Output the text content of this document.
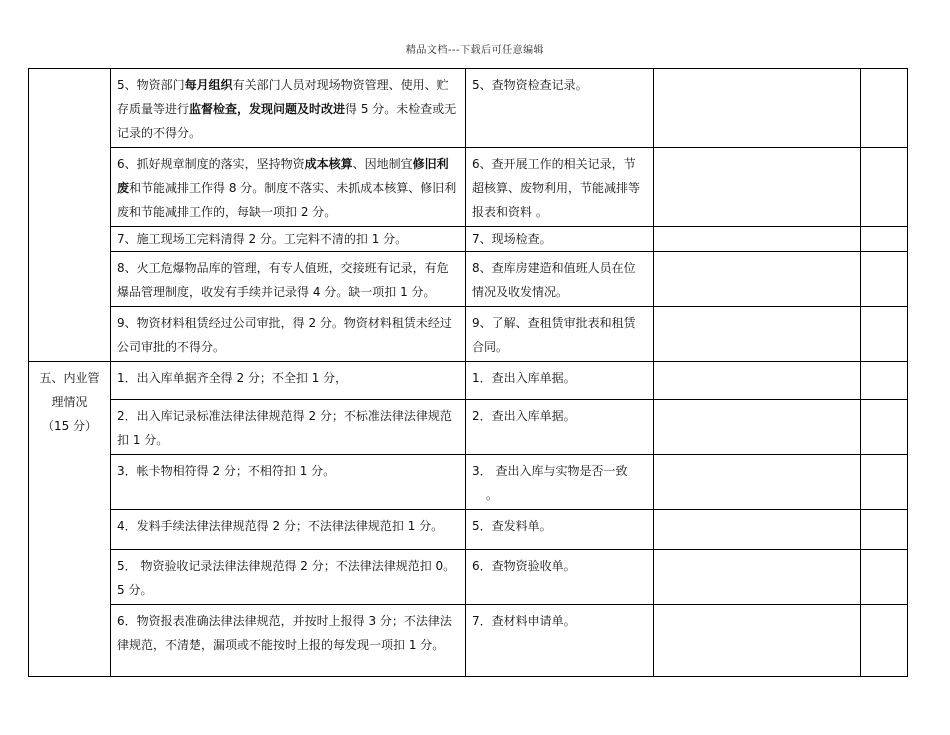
精品文档---下载后可任意编辑
	5、物资部门每月组织有关部门人员对现场物资管理、使用、贮存质量等进行监督检查，发现问题及时改进得 5 分。未检查或无记录的不得分。	5、查物资检查记录。		
	6、抓好规章制度的落实，坚持物资成本核算、因地制宜修旧利废和节能减排工作得 8 分。制度不落实、未抓成本核算、修旧利废和节能减排工作的，每缺一项扣 2 分。	6、查开展工作的相关记录，节超核算、废物利用，节能减排等报表和资料 。		
	7、施工现场工完料清得 2 分。工完料不清的扣 1 分。	7、现场检查。		
	8、火工危爆物品库的管理，有专人值班，交接班有记录，有危爆品管理制度，收发有手续并记录得 4 分。缺一项扣 1 分。	8、查库房建造和值班人员在位情况及收发情况。		
	9、物资材料租赁经过公司审批，得 2 分。物资材料租赁未经过公司审批的不得分。	9、了解、查租赁审批表和租赁合同。		

五、内业管
理情况
（15 分）	1．出入库单据齐全得 2 分；不全扣 1 分，	1．查出入库单据。		
	2．出入库记录标准法律法律规范得 2 分；不标准法律法律规范扣 1 分。	2．查出入库单据。		
	3．帐卡物相符得 2 分；不相符扣 1 分。	3． 查出入库与实物是否一致
。		

	4．发料手续法律法律规范得 2 分；不法律法律规范扣 1 分。	5．查发料单。		
	5． 物资验收记录法律法律规范得 2 分；不法律法律规范扣 0。5 分。	6．查物资验收单。		
	6．物资报表准确法律法律规范，并按时上报得 3 分；不法律法律规范，不清楚，漏项或不能按时上报的每发现一项扣 1 分。	7．查材料申请单。		
